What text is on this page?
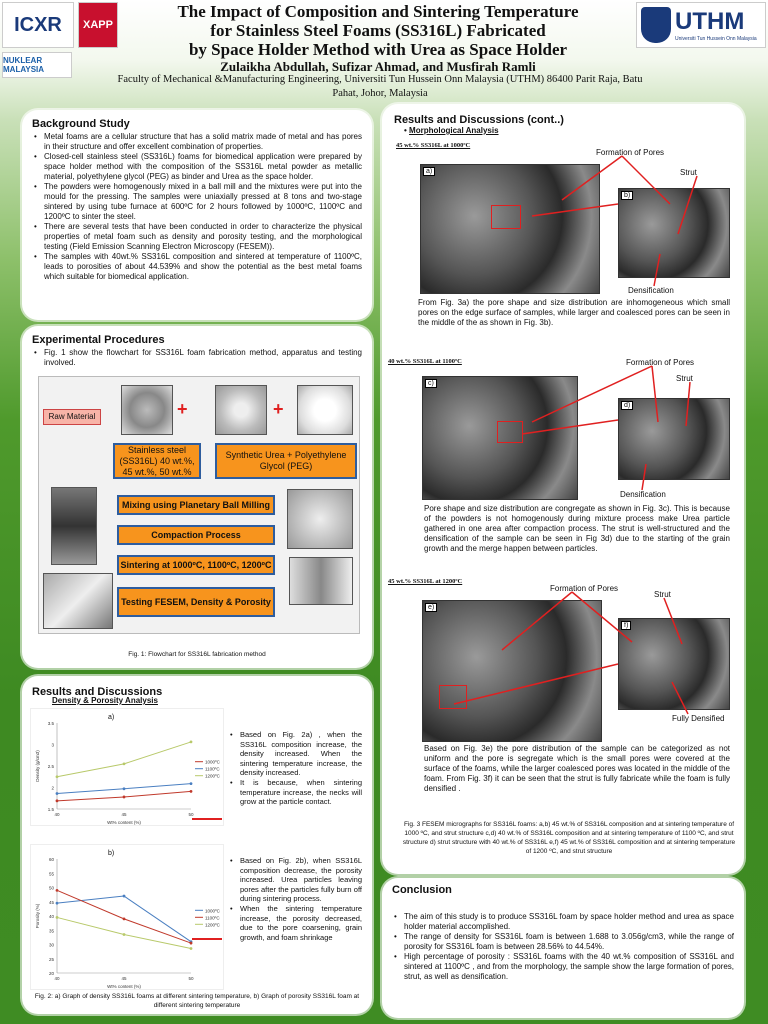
ICXR	XAPP
NUKLEAR MALAYSIA
UTHM
Universiti Tun Hussein Onn Malaysia
The Impact of Composition and Sintering Temperature
for Stainless Steel Foams (SS316L) Fabricated
by Space Holder Method with Urea as Space Holder
Zulaikha Abdullah, Sufizar Ahmad, and Musfirah Ramli
Faculty of Mechanical &Manufacturing Engineering, Universiti Tun Hussein Onn Malaysia (UTHM) 86400 Parit Raja, Batu Pahat, Johor, Malaysia
Background Study
• Metal foams are a cellular structure that has a solid matrix made of metal and has pores in their structure and offer excellent combination of properties.
• Closed-cell stainless steel (SS316L) foams for biomedical application were prepared by space holder method with the composition of the SS316L metal powder as metallic material, polyethylene glycol (PEG) as binder and Urea as the space holder.
• The powders were homogenously mixed in a ball mill and the mixtures were put into the mould for the pressing. The samples were uniaxially pressed at 8 tons and two-stage sintered by using tube furnace at 600ºC for 2 hours followed by 1000ºC, 1100ºC and 1200ºC to sinter the steel.
• There are several tests that have been conducted in order to characterize the physical properties of metal foam such as density and porosity testing, and the morphological testing (Field Emission Scanning Electron Microscopy (FESEM)).
• The samples with 40wt.% SS316L composition and sintered at temperature of 1100ºC, leads to porosities of about 44.539% and show the potential as the best metal foams which suitable for biomedical application.
Experimental Procedures
• Fig. 1 show the flowchart for SS316L foam fabrication method, apparatus and testing involved.
Raw Material	+	+
Stainless steel (SS316L) 40 wt.%, 45 wt.%, 50 wt.%
Synthetic Urea + Polyethylene Glycol (PEG)
Mixing using Planetary Ball Milling
Compaction Process
Sintering at 1000ºC, 1100ºC, 1200ºC
Testing FESEM, Density & Porosity
Fig. 1: Flowchart for SS316L fabrication method
Results and Discussions
Density & Porosity Analysis
1.5
2
2.5
3
3.5
40	45	50
Wt% content (%)
Density (g/cm3)	1000ºC
1100ºC
1200ºC
a)
20
25
30
35
40
45
50
55
60
40	45	50
Wt% content (%)
Porosity (%)	1000ºC
1100ºC
1200ºC
b)
• Based on Fig. 2a) , when the SS316L composition increase, the density increased. When the sintering temperature increase, the density increased.
• It is because, when sintering temperature increase, the necks will grow at the particle contact.
• Based on Fig. 2b), when SS316L composition decrease, the porosity increased. Urea particles leaving pores after the particles fully burn off during sintering process.
• When the sintering temperature increase, the porosity decreased, due to the pore coarsening, grain growth, and foam shrinkage
Fig. 2: a) Graph of density SS316L foams at different sintering temperature, b) Graph of porosity SS316L foam at different sintering temperature
Results and Discussions (cont..)
• Morphological Analysis
45 wt.% SS316L at 1000ºC
Formation of Pores
Strut
a)
b)
Densification
From Fig. 3a) the pore shape and size distribution are inhomogeneous which small pores on the edge surface of samples, while larger and coalesced pores can be seen in the middle of the as shown in Fig. 3b).
40 wt.% SS316L at 1100ºC	Formation of Pores
Strut
c)
d)
Densification
Pore shape and size distribution are congregate as shown in Fig. 3c). This is because of the powders is not homogenously during mixture process make Urea particle gathered in one area after compaction process. The strut is well-structured and the densification of the sample can be seen in Fig 3d) due to the starting of the grain growth and the merge happen between particles.
45 wt.% SS316L at 1200ºC
Formation of Pores
Strut
e)
f)
Fully Densified
Based on Fig. 3e) the pore distribution of the sample can be categorized as not uniform and the pore is segregate which is the small pores were covered at the surface of the foams, while the larger coalesced pores was located in the middle of the foam. From Fig. 3f) it can be seen that the strut is fully fabricate while the foam is fully densified .
Fig. 3 FESEM micrographs for SS316L foams: a,b) 45 wt.% of SS316L composition and at sintering temperature of 1000 ºC, and strut structure c,d) 40 wt.% of SS316L composition and at sintering temperature of 1100 ºC, and strut structure d) strut structure with 40 wt.% of SS316L e,f) 45 wt.% of SS316L composition and at sintering temperature of 1200 ºC, and strut structure
Conclusion
• The aim of this study is to produce SS316L foam by space holder method and urea as space holder material accomplished.
• The range of density for SS316L foam is between 1.688 to 3.056g/cm3, while the range of porosity for SS316L foam is between 28.56% to 44.54%.
• High percentage of porosity : SS316L foams with the 40 wt.% composition of SS316L and sintered at 1100ºC , and from the morphology, the sample show the large formation of pores, strut, as well as densification.
